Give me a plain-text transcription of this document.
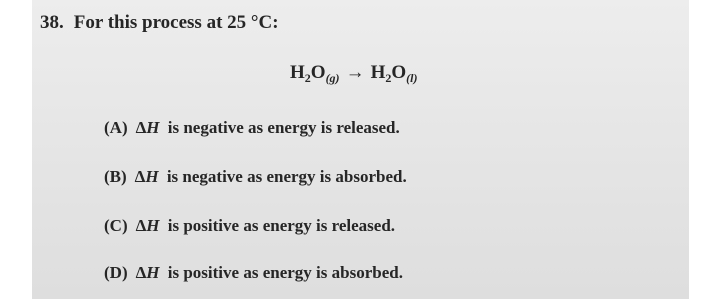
38. For this process at 25 °C:
$H_2O_{(g)} \to H_2O_{(l)}$
(A) ΔH is negative as energy is released.
(B) ΔH is negative as energy is absorbed.
(C) ΔH is positive as energy is released.
(D) ΔH is positive as energy is absorbed.
